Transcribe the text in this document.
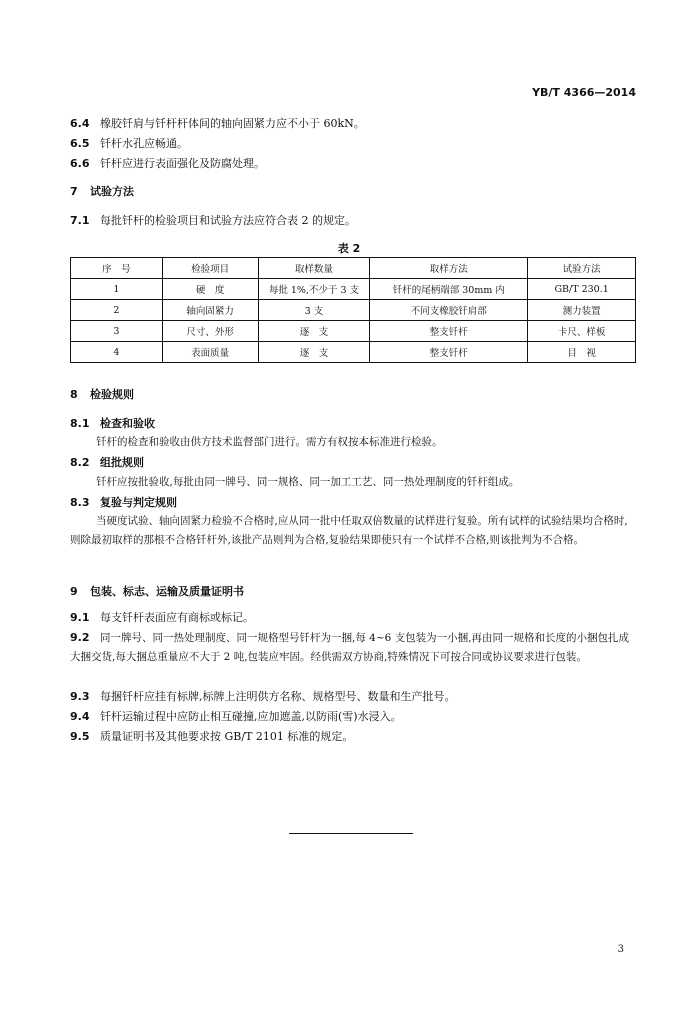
YB/T 4366—2014
6.4 橡胶钎肩与钎杆杆体间的轴向固紧力应不小于 60kN。
6.5 钎杆水孔应畅通。
6.6 钎杆应进行表面强化及防腐处理。
7 试验方法
7.1 每批钎杆的检验项目和试验方法应符合表 2 的规定。
表 2
序　号	检验项目	取样数量	取样方法	试验方法
1	硬　度	每批 1%,不少于 3 支	钎杆的尾柄端部 30mm 内	GB/T 230.1
2	轴向固紧力	3 支	不同支橡胶钎肩部	测力装置
3	尺寸、外形	逐　支	整支钎杆	卡尺、样板
4	表面质量	逐　支	整支钎杆	目　视
8 检验规则
8.1 检查和验收
钎杆的检查和验收由供方技术监督部门进行。需方有权按本标准进行检验。
8.2 组批规则
钎杆应按批验收,每批由同一牌号、同一规格、同一加工工艺、同一热处理制度的钎杆组成。
8.3 复验与判定规则
当硬度试验、轴向固紧力检验不合格时,应从同一批中任取双倍数量的试样进行复验。所有试样的试验结果均合格时,则除最初取样的那根不合格钎杆外,该批产品则判为合格,复验结果即使只有一个试样不合格,则该批判为不合格。
9 包装、标志、运输及质量证明书
9.1 每支钎杆表面应有商标或标记。
9.2 同一牌号、同一热处理制度、同一规格型号钎杆为一捆,每 4~6 支包装为一小捆,再由同一规格和长度的小捆包扎成大捆交货,每大捆总重量应不大于 2 吨,包装应牢固。经供需双方协商,特殊情况下可按合同或协议要求进行包装。
9.3 每捆钎杆应挂有标牌,标牌上注明供方名称、规格型号、数量和生产批号。
9.4 钎杆运输过程中应防止相互碰撞,应加遮盖,以防雨(雪)水浸入。
9.5 质量证明书及其他要求按 GB/T 2101 标准的规定。
3
